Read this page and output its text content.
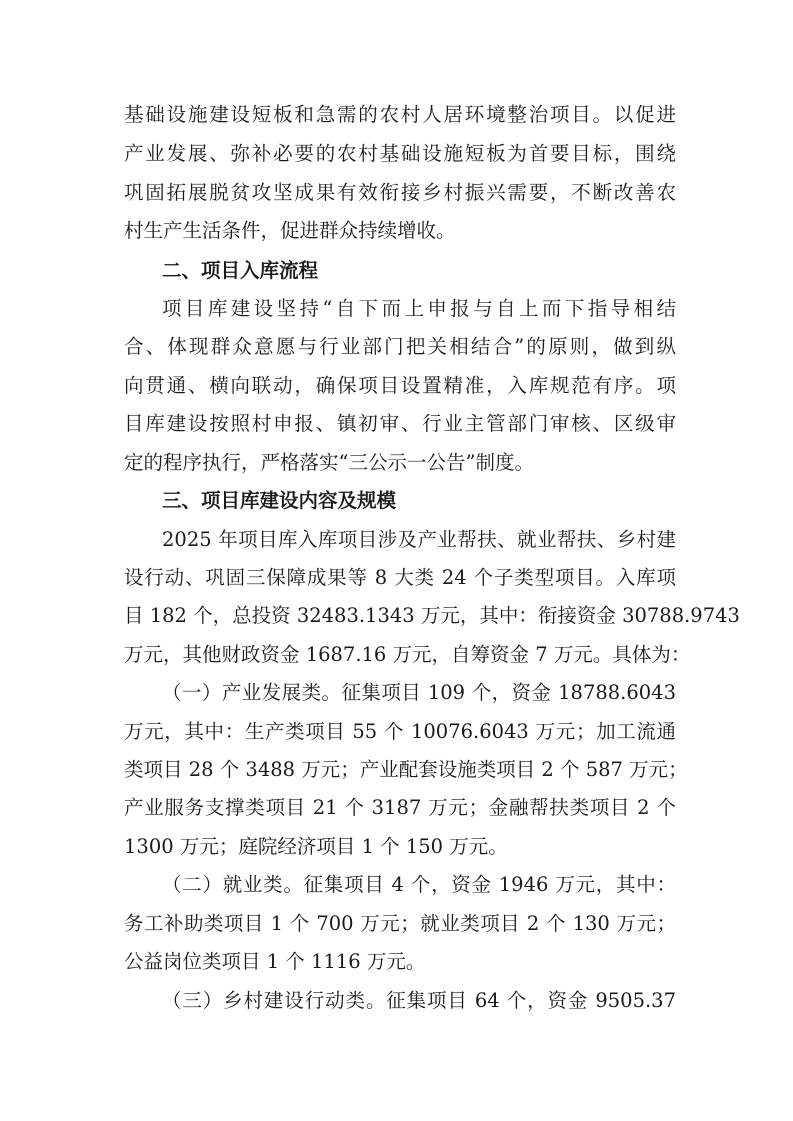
基础设施建设短板和急需的农村人居环境整治项目。以促进
产业发展、弥补必要的农村基础设施短板为首要目标，围绕
巩固拓展脱贫攻坚成果有效衔接乡村振兴需要，不断改善农
村生产生活条件，促进群众持续增收。
二、项目入库流程
项目库建设坚持“自下而上申报与自上而下指导相结
合、体现群众意愿与行业部门把关相结合”的原则，做到纵
向贯通、横向联动，确保项目设置精准，入库规范有序。项
目库建设按照村申报、镇初审、行业主管部门审核、区级审
定的程序执行，严格落实“三公示一公告”制度。
三、项目库建设内容及规模
2025 年项目库入库项目涉及产业帮扶、就业帮扶、乡村建
设行动、巩固三保障成果等 8 大类 24 个子类型项目。入库项
目 182 个，总投资 32483.1343 万元，其中：衔接资金 30788.9743
万元，其他财政资金 1687.16 万元，自筹资金 7 万元。具体为：
（一）产业发展类。征集项目 109 个，资金 18788.6043
万元，其中：生产类项目 55 个 10076.6043 万元；加工流通
类项目 28 个 3488 万元；产业配套设施类项目 2 个 587 万元；
产业服务支撑类项目 21 个 3187 万元；金融帮扶类项目 2 个
1300 万元；庭院经济项目 1 个 150 万元。
（二）就业类。征集项目 4 个，资金 1946 万元，其中：
务工补助类项目 1 个 700 万元；就业类项目 2 个 130 万元；
公益岗位类项目 1 个 1116 万元。
（三）乡村建设行动类。征集项目 64 个，资金 9505.37
